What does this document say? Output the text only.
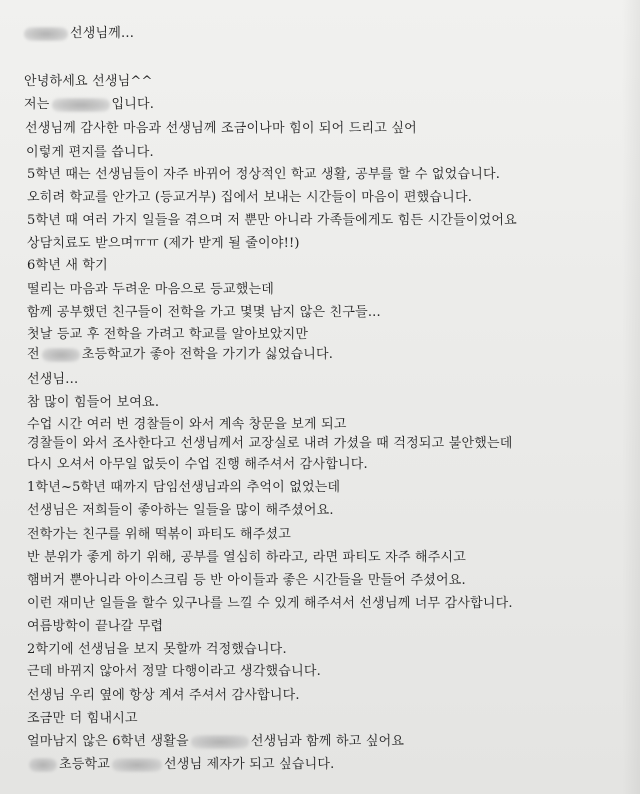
선생님께...
안녕하세요 선생님^^
저는	입니다.
선생님께 감사한 마음과 선생님께 조금이나마 힘이 되어 드리고 싶어
이렇게 편지를 씁니다.
5학년 때는 선생님들이 자주 바뀌어 정상적인 학교 생활, 공부를 할 수 없었습니다.
오히려 학교를 안가고 (등교거부) 집에서 보내는 시간들이 마음이 편했습니다.
5학년 때 여러 가지 일들을 겪으며 저 뿐만 아니라 가족들에게도 힘든 시간들이었어요
상담치료도 받으며ㅠㅠ (제가 받게 될 줄이야!!)
6학년 새 학기
떨리는 마음과 두려운 마음으로 등교했는데
함께 공부했던 친구들이 전학을 가고 몇몇 남지 않은 친구들...
첫날 등교 후 전학을 가려고 학교를 알아보았지만
전	초등학교가 좋아 전학을 가기가 싫었습니다.
선생님...
참 많이 힘들어 보여요.
수업 시간 여러 번 경찰들이 와서 계속 창문을 보게 되고
경찰들이 와서 조사한다고 선생님께서 교장실로 내려 가셨을 때 걱정되고 불안했는데
다시 오셔서 아무일 없듯이 수업 진행 해주셔서 감사합니다.
1학년~5학년 때까지 담임선생님과의 추억이 없었는데
선생님은 저희들이 좋아하는 일들을 많이 해주셨어요.
전학가는 친구를 위해 떡볶이 파티도 해주셨고
반 분위가 좋게 하기 위해, 공부를 열심히 하라고, 라면 파티도 자주 해주시고
햄버거 뿐아니라 아이스크림 등 반 아이들과 좋은 시간들을 만들어 주셨어요.
이런 재미난 일들을 할수 있구나를 느낄 수 있게 해주셔서 선생님께 너무 감사합니다.
여름방학이 끝나갈 무렵
2학기에 선생님을 보지 못할까 걱정했습니다.
근데 바뀌지 않아서 정말 다행이라고 생각했습니다.
선생님 우리 옆에 항상 계셔 주셔서 감사합니다.
조금만 더 힘내시고
얼마남지 않은 6학년 생활을	선생님과 함께 하고 싶어요
초등학교	선생님 제자가 되고 싶습니다.
